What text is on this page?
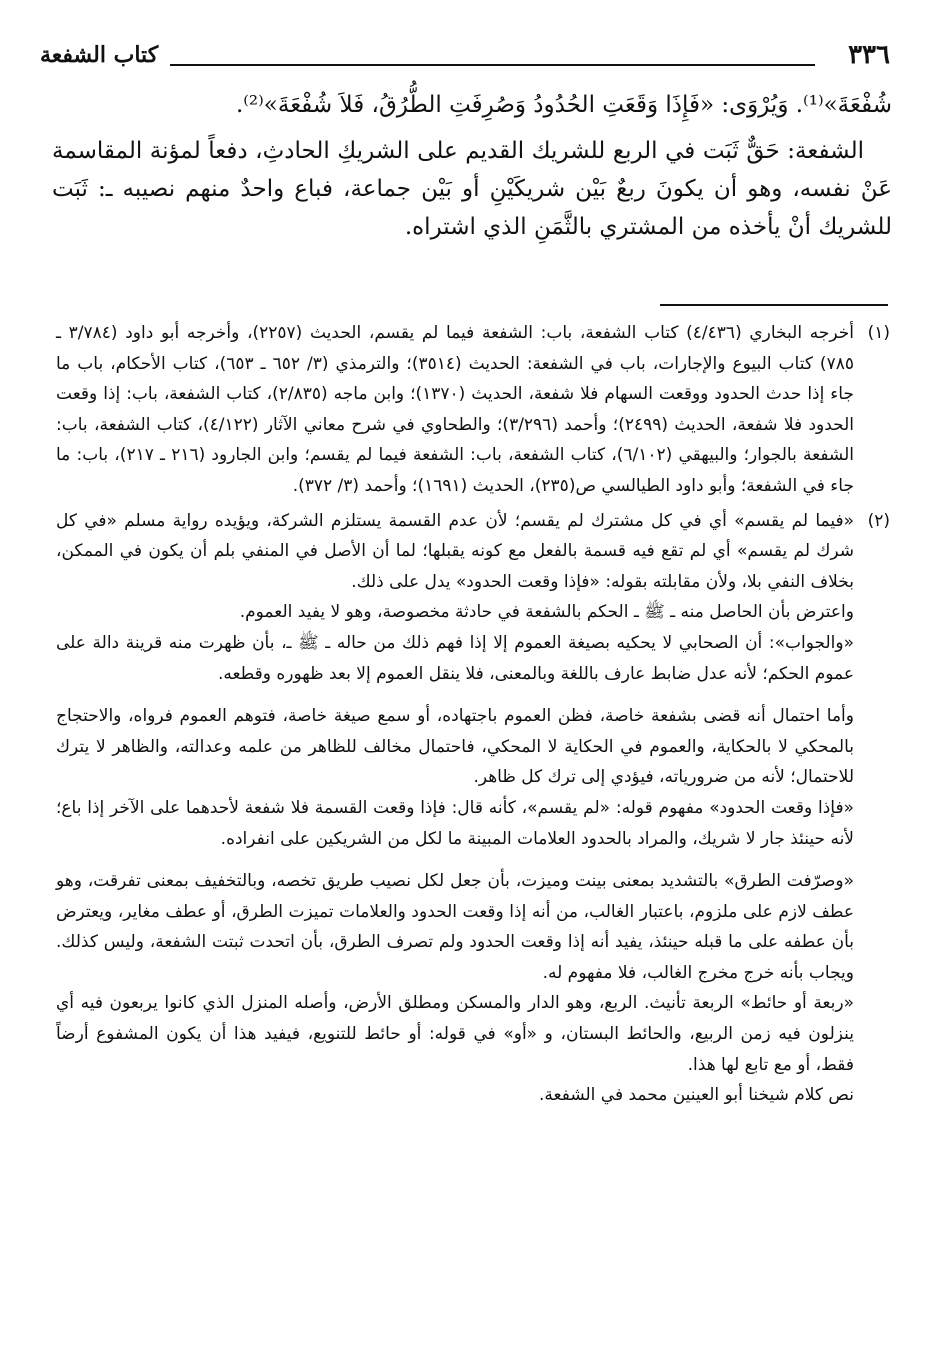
٣٣٦
كتاب الشفعة

شُفْعَةَ»⁽¹⁾. وَيُرْوَى: «فَإِذَا وَقَعَتِ الحُدُودُ وَصُرِفَتِ الطُّرُقُ، فَلاَ شُفْعَةَ»⁽²⁾.

الشفعة: حَقٌّ ثَبَت في الربع للشريك القديم على الشريكِ الحادثِ، دفعاً لمؤنة المقاسمة عَنْ نفسه، وهو أن يكونَ ربعٌ بَيْن شريكَيْنِ أو بَيْن جماعة، فباع واحدٌ منهم نصيبه ـ: ثَبَت للشريك أنْ يأخذه من المشتري بالثَّمَنِ الذي اشتراه.

(١)

أخرجه البخاري (٤/٤٣٦) كتاب الشفعة، باب: الشفعة فيما لم يقسم، الحديث (٢٢٥٧)، وأخرجه أبو داود (٣/٧٨٤ ـ ٧٨٥) كتاب البيوع والإجارات، باب في الشفعة: الحديث (٣٥١٤)؛ والترمذي (٣/ ٦٥٢ ـ ٦٥٣)، كتاب الأحكام، باب ما جاء إذا حدث الحدود ووقعت السهام فلا شفعة، الحديث (١٣٧٠)؛ وابن ماجه (٢/٨٣٥)، كتاب الشفعة، باب: إذا وقعت الحدود فلا شفعة، الحديث (٢٤٩٩)؛ وأحمد (٣/٢٩٦)؛ والطحاوي في شرح معاني الآثار (٤/١٢٢)، كتاب الشفعة، باب: الشفعة بالجوار؛ والبيهقي (٦/١٠٢)، كتاب الشفعة، باب: الشفعة فيما لم يقسم؛ وابن الجارود (٢١٦ ـ ٢١٧)، باب: ما جاء في الشفعة؛ وأبو داود الطيالسي ص(٢٣٥)، الحديث (١٦٩١)؛ وأحمد (٣/ ٣٧٢).

(٢)

«فيما لم يقسم» أي في كل مشترك لم يقسم؛ لأن عدم القسمة يستلزم الشركة، ويؤيده رواية مسلم «في كل شرك لم يقسم» أي لم تقع فيه قسمة بالفعل مع كونه يقبلها؛ لما أن الأصل في المنفي بلم أن يكون في الممكن، بخلاف النفي بلا، ولأن مقابلته بقوله: «فإذا وقعت الحدود» يدل على ذلك.

واعترض بأن الحاصل منه ـ ﷺ ـ الحكم بالشفعة في حادثة مخصوصة، وهو لا يفيد العموم.

«والجواب»: أن الصحابي لا يحكيه بصيغة العموم إلا إذا فهم ذلك من حاله ـ ﷺ ـ، بأن ظهرت منه قرينة دالة على عموم الحكم؛ لأنه عدل ضابط عارف باللغة وبالمعنى، فلا ينقل العموم إلا بعد ظهوره وقطعه.

وأما احتمال أنه قضى بشفعة خاصة، فظن العموم باجتهاده، أو سمع صيغة خاصة، فتوهم العموم فرواه، والاحتجاج بالمحكي لا بالحكاية، والعموم في الحكاية لا المحكي، فاحتمال مخالف للظاهر من علمه وعدالته، والظاهر لا يترك للاحتمال؛ لأنه من ضرورياته، فيؤدي إلى ترك كل ظاهر.

«فإذا وقعت الحدود» مفهوم قوله: «لم يقسم»، كأنه قال: فإذا وقعت القسمة فلا شفعة لأحدهما على الآخر إذا باع؛ لأنه حينئذ جار لا شريك، والمراد بالحدود العلامات المبينة ما لكل من الشريكين على انفراده.

«وصرّفت الطرق» بالتشديد بمعنى بينت وميزت، بأن جعل لكل نصيب طريق تخصه، وبالتخفيف بمعنى تفرقت، وهو عطف لازم على ملزوم، باعتبار الغالب، من أنه إذا وقعت الحدود والعلامات تميزت الطرق، أو عطف مغاير، ويعترض بأن عطفه على ما قبله حينئذ، يفيد أنه إذا وقعت الحدود ولم تصرف الطرق، بأن اتحدت ثبتت الشفعة، وليس كذلك. ويجاب بأنه خرج مخرج الغالب، فلا مفهوم له.

«ربعة أو حائط» الربعة تأنيث. الربع، وهو الدار والمسكن ومطلق الأرض، وأصله المنزل الذي كانوا يربعون فيه أي ينزلون فيه زمن الربيع، والحائط البستان، و «أو» في قوله: أو حائط للتنويع، فيفيد هذا أن يكون المشفوع أرضاً فقط، أو مع تابع لها هذا.

نص كلام شيخنا أبو العينين محمد في الشفعة.
